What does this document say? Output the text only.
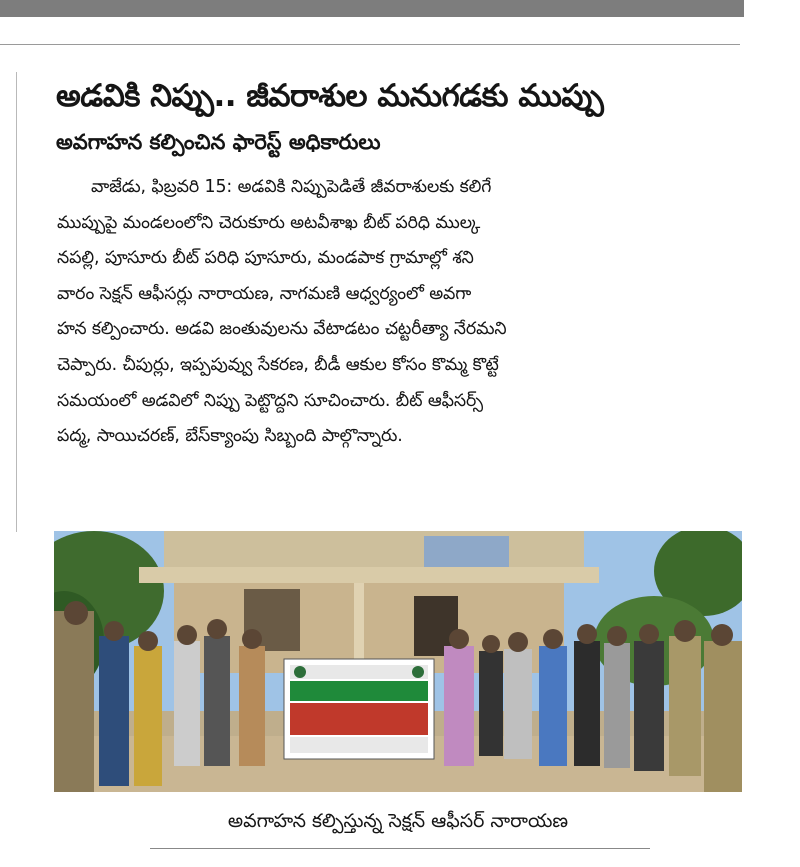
అడవికి నిప్పు.. జీవరాశుల మనుగడకు ముప్పు
అవగాహన కల్పించిన ఫారెస్ట్ అధికారులు
వాజేడు, ఫిబ్రవరి 15: అడవికి నిప్పుపెడితే జీవరాశులకు కలిగే
ముప్పుపై మండలంలోని చెరుకూరు అటవీశాఖ బీట్ పరిధి ముల్క
నపల్లి, పూసూరు బీట్ పరిధి పూసూరు, మండపాక గ్రామాల్లో శని
వారం సెక్షన్ ఆఫీసర్లు నారాయణ, నాగమణి ఆధ్వర్యంలో అవగా
హన కల్పించారు. అడవి జంతువులను వేటాడటం చట్టరీత్యా నేరమని
చెప్పారు. చీపుర్లు, ఇప్పపువ్వు సేకరణ, బీడీ ఆకుల కోసం కొమ్మ కొట్టే
సమయంలో అడవిలో నిప్పు పెట్టొద్దని సూచించారు. బీట్ ఆఫీసర్స్
పద్మ, సాయిచరణ్, బేస్‌క్యాంపు సిబ్బంది పాల్గొన్నారు.
అవగాహన కల్పిస్తున్న సెక్షన్ ఆఫీసర్ నారాయణ
